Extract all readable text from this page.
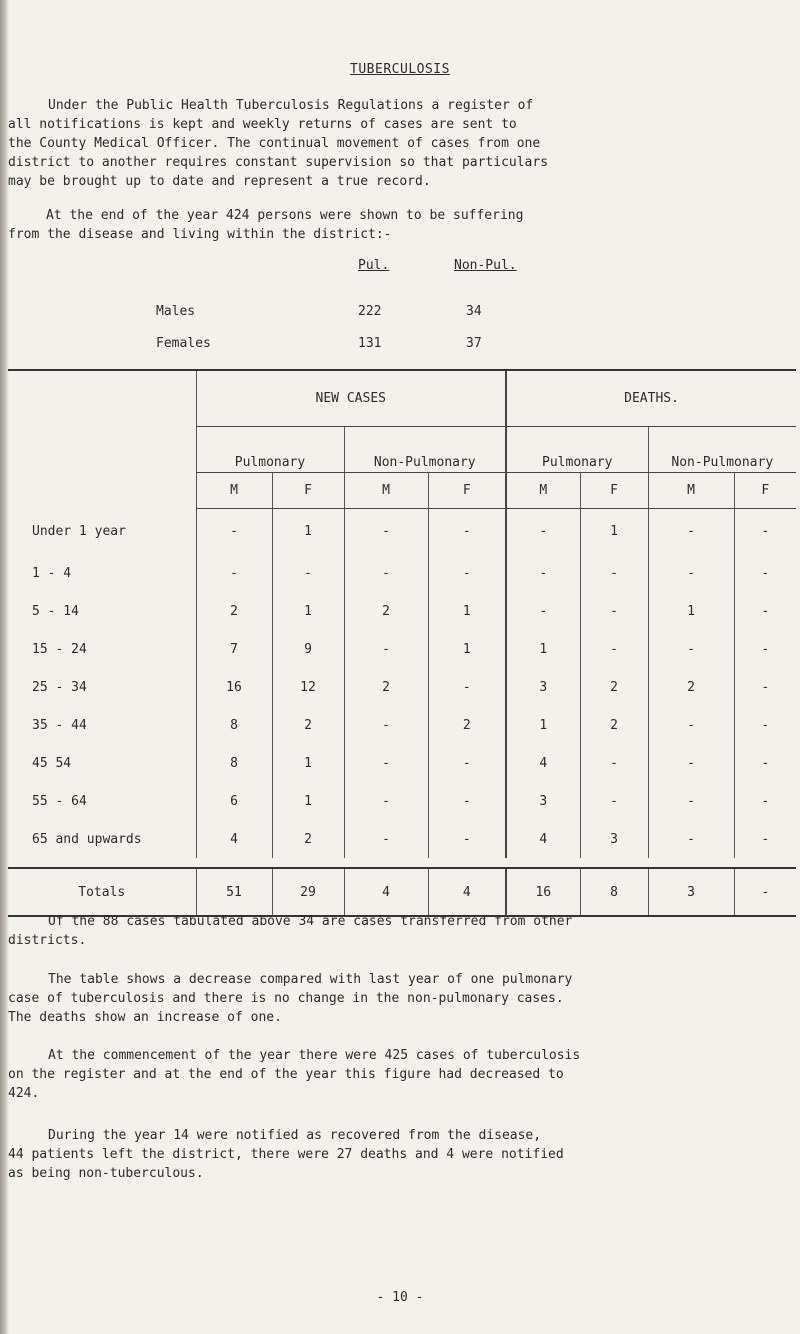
TUBERCULOSIS
Under the Public Health Tuberculosis Regulations a register of
all notifications is kept and weekly returns of cases are sent to
the County Medical Officer. The continual movement of cases from one
district to another requires constant supervision so that particulars
may be brought up to date and represent a true record.
At the end of the year 424 persons were shown to be suffering
from the disease and living within the district:-
Pul.	Non-Pul.
Males	222	34
Females	131	37
	NEW CASES				DEATHS.			
	Pulmonary		Non-Pulmonary		Pulmonary		Non-Pulmonary	
	M	F	M	F	M	F	M	F
Under 1 year	-	1	-	-	-	1	-	-
1 - 4	-	-	-	-	-	-	-	-
5 - 14	2	1	2	1	-	-	1	-
15 - 24	7	9	-	1	1	-	-	-
25 - 34	16	12	2	-	3	2	2	-
35 - 44	8	2	-	2	1	2	-	-
45 54	8	1	-	-	4	-	-	-
55 - 64	6	1	-	-	3	-	-	-
65 and upwards	4	2	-	-	4	3	-	-

Totals	51	29	4	4	16	8	3	-
Of the 88 cases tabulated above 34 are cases transferred from other
districts.
The table shows a decrease compared with last year of one pulmonary
case of tuberculosis and there is no change in the non-pulmonary cases.
The deaths show an increase of one.
At the commencement of the year there were 425 cases of tuberculosis
on the register and at the end of the year this figure had decreased to
424.
During the year 14 were notified as recovered from the disease,
44 patients left the district, there were 27 deaths and 4 were notified
as being non-tuberculous.
- 10 -
